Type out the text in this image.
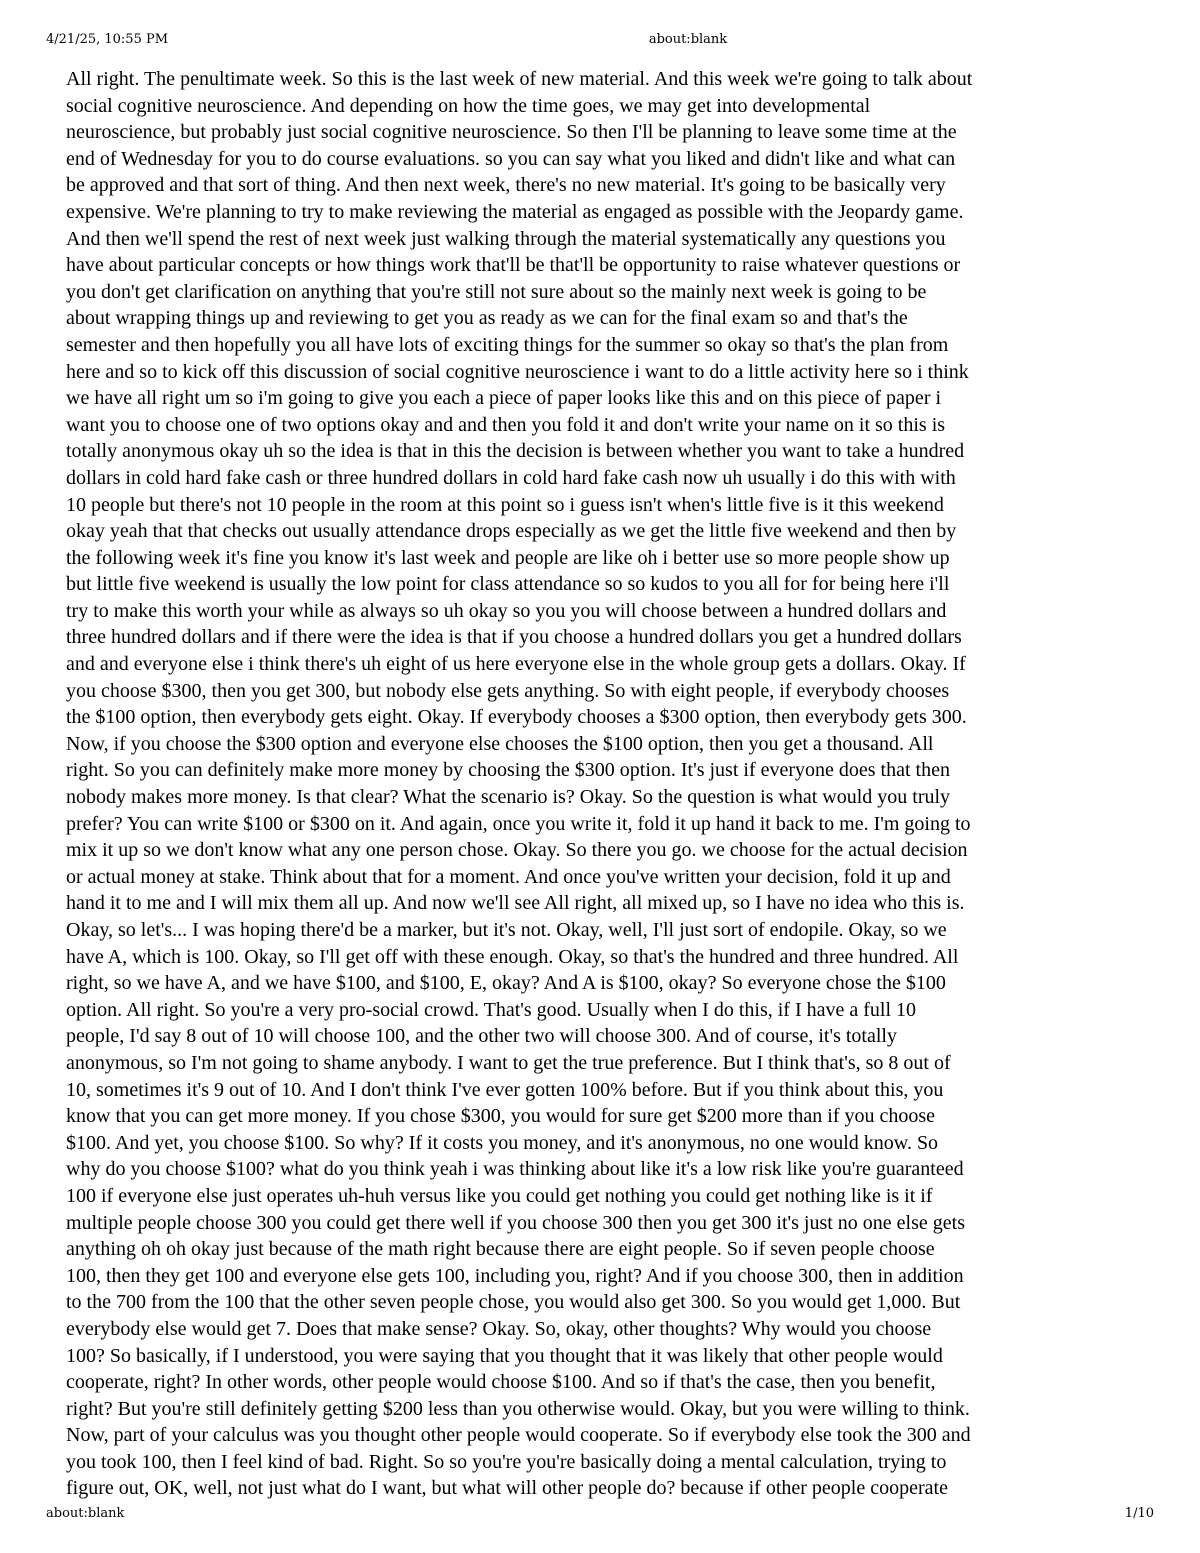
4/21/25, 10:55 PM	about:blank
All right. The penultimate week. So this is the last week of new material. And this week we're going to talk about
social cognitive neuroscience. And depending on how the time goes, we may get into developmental
neuroscience, but probably just social cognitive neuroscience. So then I'll be planning to leave some time at the
end of Wednesday for you to do course evaluations. so you can say what you liked and didn't like and what can
be approved and that sort of thing. And then next week, there's no new material. It's going to be basically very
expensive. We're planning to try to make reviewing the material as engaged as possible with the Jeopardy game.
And then we'll spend the rest of next week just walking through the material systematically any questions you
have about particular concepts or how things work that'll be that'll be opportunity to raise whatever questions or
you don't get clarification on anything that you're still not sure about so the mainly next week is going to be
about wrapping things up and reviewing to get you as ready as we can for the final exam so and that's the
semester and then hopefully you all have lots of exciting things for the summer so okay so that's the plan from
here and so to kick off this discussion of social cognitive neuroscience i want to do a little activity here so i think
we have all right um so i'm going to give you each a piece of paper looks like this and on this piece of paper i
want you to choose one of two options okay and and then you fold it and don't write your name on it so this is
totally anonymous okay uh so the idea is that in this the decision is between whether you want to take a hundred
dollars in cold hard fake cash or three hundred dollars in cold hard fake cash now uh usually i do this with with
10 people but there's not 10 people in the room at this point so i guess isn't when's little five is it this weekend
okay yeah that that checks out usually attendance drops especially as we get the little five weekend and then by
the following week it's fine you know it's last week and people are like oh i better use so more people show up
but little five weekend is usually the low point for class attendance so so kudos to you all for for being here i'll
try to make this worth your while as always so uh okay so you you will choose between a hundred dollars and
three hundred dollars and if there were the idea is that if you choose a hundred dollars you get a hundred dollars
and and everyone else i think there's uh eight of us here everyone else in the whole group gets a dollars. Okay. If
you choose $300, then you get 300, but nobody else gets anything. So with eight people, if everybody chooses
the $100 option, then everybody gets eight. Okay. If everybody chooses a $300 option, then everybody gets 300.
Now, if you choose the $300 option and everyone else chooses the $100 option, then you get a thousand. All
right. So you can definitely make more money by choosing the $300 option. It's just if everyone does that then
nobody makes more money. Is that clear? What the scenario is? Okay. So the question is what would you truly
prefer? You can write $100 or $300 on it. And again, once you write it, fold it up hand it back to me. I'm going to
mix it up so we don't know what any one person chose. Okay. So there you go. we choose for the actual decision
or actual money at stake. Think about that for a moment. And once you've written your decision, fold it up and
hand it to me and I will mix them all up. And now we'll see All right, all mixed up, so I have no idea who this is.
Okay, so let's... I was hoping there'd be a marker, but it's not. Okay, well, I'll just sort of endopile. Okay, so we
have A, which is 100. Okay, so I'll get off with these enough. Okay, so that's the hundred and three hundred. All
right, so we have A, and we have $100, and $100, E, okay? And A is $100, okay? So everyone chose the $100
option. All right. So you're a very pro-social crowd. That's good. Usually when I do this, if I have a full 10
people, I'd say 8 out of 10 will choose 100, and the other two will choose 300. And of course, it's totally
anonymous, so I'm not going to shame anybody. I want to get the true preference. But I think that's, so 8 out of
10, sometimes it's 9 out of 10. And I don't think I've ever gotten 100% before. But if you think about this, you
know that you can get more money. If you chose $300, you would for sure get $200 more than if you choose
$100. And yet, you choose $100. So why? If it costs you money, and it's anonymous, no one would know. So
why do you choose $100? what do you think yeah i was thinking about like it's a low risk like you're guaranteed
100 if everyone else just operates uh-huh versus like you could get nothing you could get nothing like is it if
multiple people choose 300 you could get there well if you choose 300 then you get 300 it's just no one else gets
anything oh oh okay just because of the math right because there are eight people. So if seven people choose
100, then they get 100 and everyone else gets 100, including you, right? And if you choose 300, then in addition
to the 700 from the 100 that the other seven people chose, you would also get 300. So you would get 1,000. But
everybody else would get 7. Does that make sense? Okay. So, okay, other thoughts? Why would you choose
100? So basically, if I understood, you were saying that you thought that it was likely that other people would
cooperate, right? In other words, other people would choose $100. And so if that's the case, then you benefit,
right? But you're still definitely getting $200 less than you otherwise would. Okay, but you were willing to think.
Now, part of your calculus was you thought other people would cooperate. So if everybody else took the 300 and
you took 100, then I feel kind of bad. Right. So so you're you're basically doing a mental calculation, trying to
figure out, OK, well, not just what do I want, but what will other people do? because if other people cooperate
about:blank	1/10
